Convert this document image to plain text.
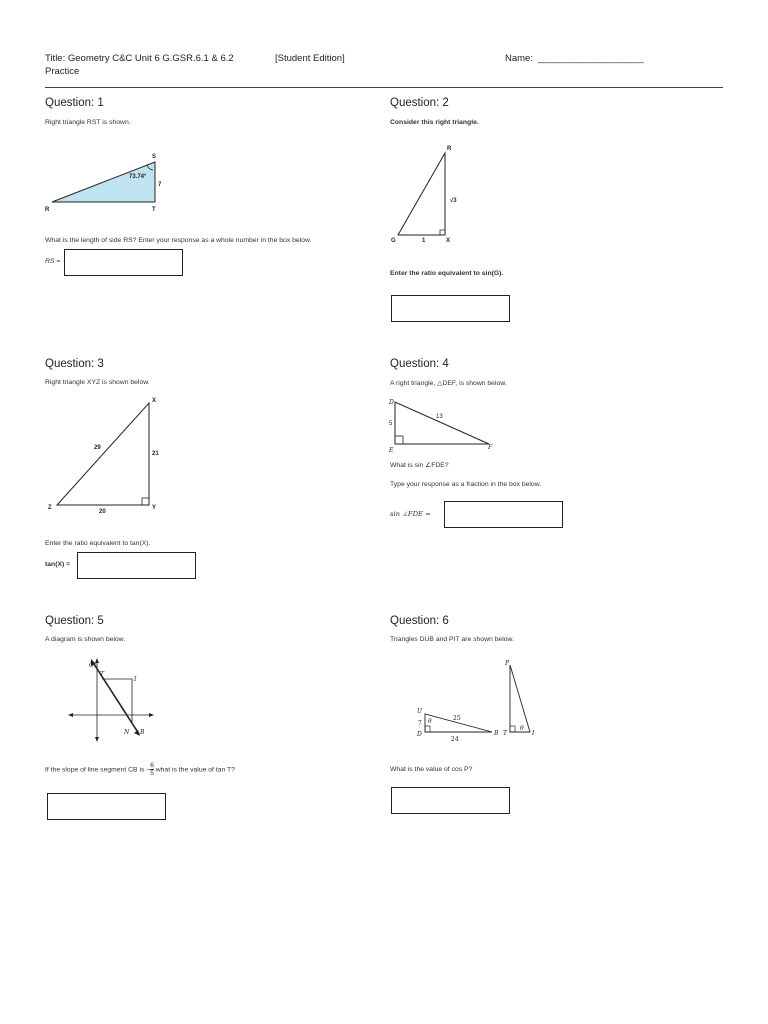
Title: Geometry C&C Unit 6 G.GSR.6.1 & 6.2
Practice
[Student Edition]	Name: ______________________
Question: 1
Right triangle RST is shown.
S
R	T
73.74°
7
What is the length of side RS? Enter your response as a whole number in the box below.
RS =
Question: 2
Consider this right triangle.
R
G	X
1
√3
Enter the ratio equivalent to sin(G).
Question: 3
Right triangle XYZ is shown below.
X
Y
Z
29
21
20
Enter the ratio equivalent to tan(X).
tan(X) =
Question: 4
A right triangle, △DEF, is shown below.
D
E	F
13
5
What is sin ∠FDE?
Type your response as a fraction in the box below.
sin ∠FDE =
Question: 5
A diagram is shown below.
C
T
I
N B
If the slope of line segment CB is − $\frac{6}{5}$ what is the value of tan T?
Question: 6
Triangles DUB and PIT are shown below.
U
D	B
θ
7
25
24
P
T	I
θ
What is the value of cos P?
